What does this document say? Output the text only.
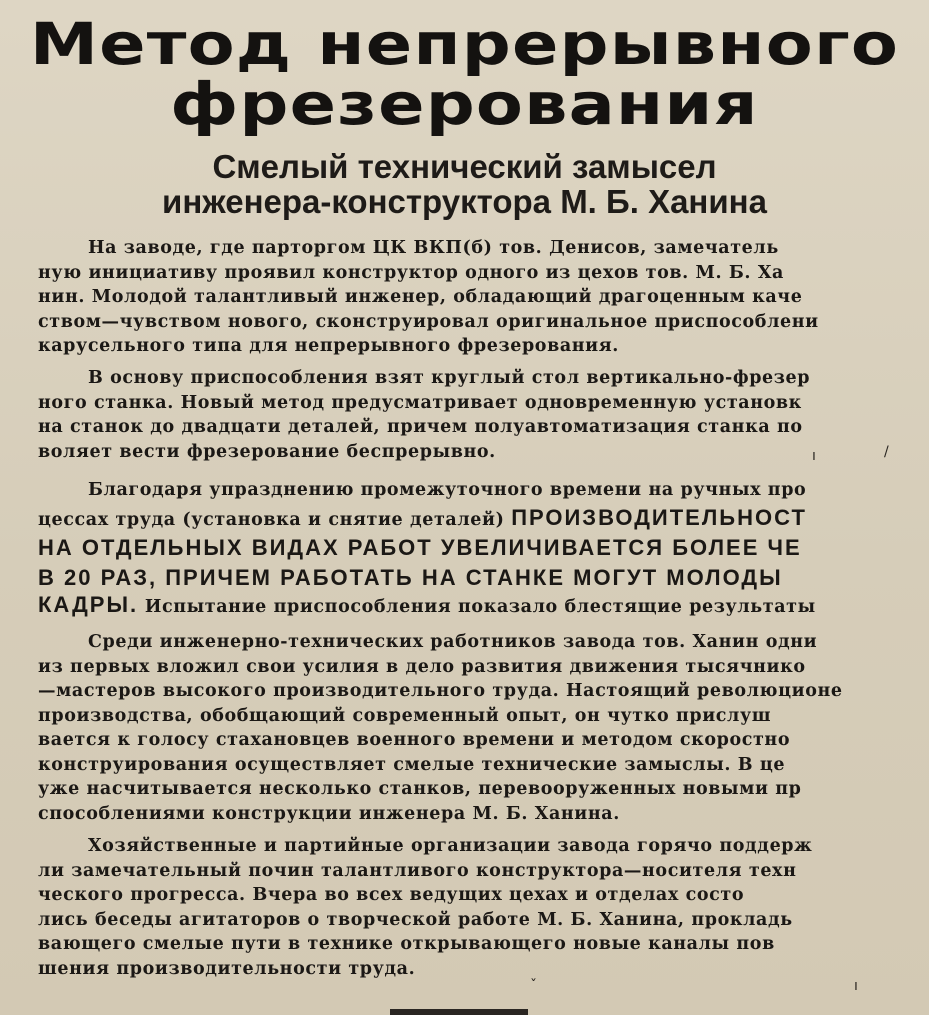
Метод непрерывного
фрезерования
Смелый технический замысел
инженера-конструктора М. Б. Ханина
На заводе, где парторгом ЦК ВКП(б) тов. Денисов, замечатель
ную инициативу проявил конструктор одного из цехов тов. М. Б. Ха
нин. Молодой талантливый инженер, обладающий драгоценным каче
ством—чувством нового, сконструировал оригинальное приспособлени
карусельного типа для непрерывного фрезерования.
В основу приспособления взят круглый стол вертикально-фрезер
ного станка. Новый метод предусматривает одновременную установк
на станок до двадцати деталей, причем полуавтоматизация станка по
воляет вести фрезерование беспрерывно.
Благодаря упразднению промежуточного времени на ручных про
цессах труда (установка и снятие деталей) ПРОИЗВОДИТЕЛЬНОСТ
НА ОТДЕЛЬНЫХ ВИДАХ РАБОТ УВЕЛИЧИВАЕТСЯ БОЛЕЕ ЧЕ
В 20 РАЗ, ПРИЧЕМ РАБОТАТЬ НА СТАНКЕ МОГУТ МОЛОДЫ
КАДРЫ. Испытание приспособления показало блестящие результаты
Среди инженерно-технических работников завода тов. Ханин одни
из первых вложил свои усилия в дело развития движения тысячнико
—мастеров высокого производительного труда. Настоящий революционе
производства, обобщающий современный опыт, он чутко прислуш
вается к голосу стахановцев военного времени и методом скоростно
конструирования осуществляет смелые технические замыслы. В це
уже насчитывается несколько станков, перевооруженных новыми пр
способлениями конструкции инженера М. Б. Ханина.
Хозяйственные и партийные организации завода горячо поддерж
ли замечательный почин талантливого конструктора—носителя техн
ческого прогресса. Вчера во всех ведущих цехах и отделах состо
лись беседы агитаторов о творческой работе М. Б. Ханина, прокладь
вающего смелые пути в технике открывающего новые каналы пов
шения производительности труда.
ı	/
ˇ	ı
